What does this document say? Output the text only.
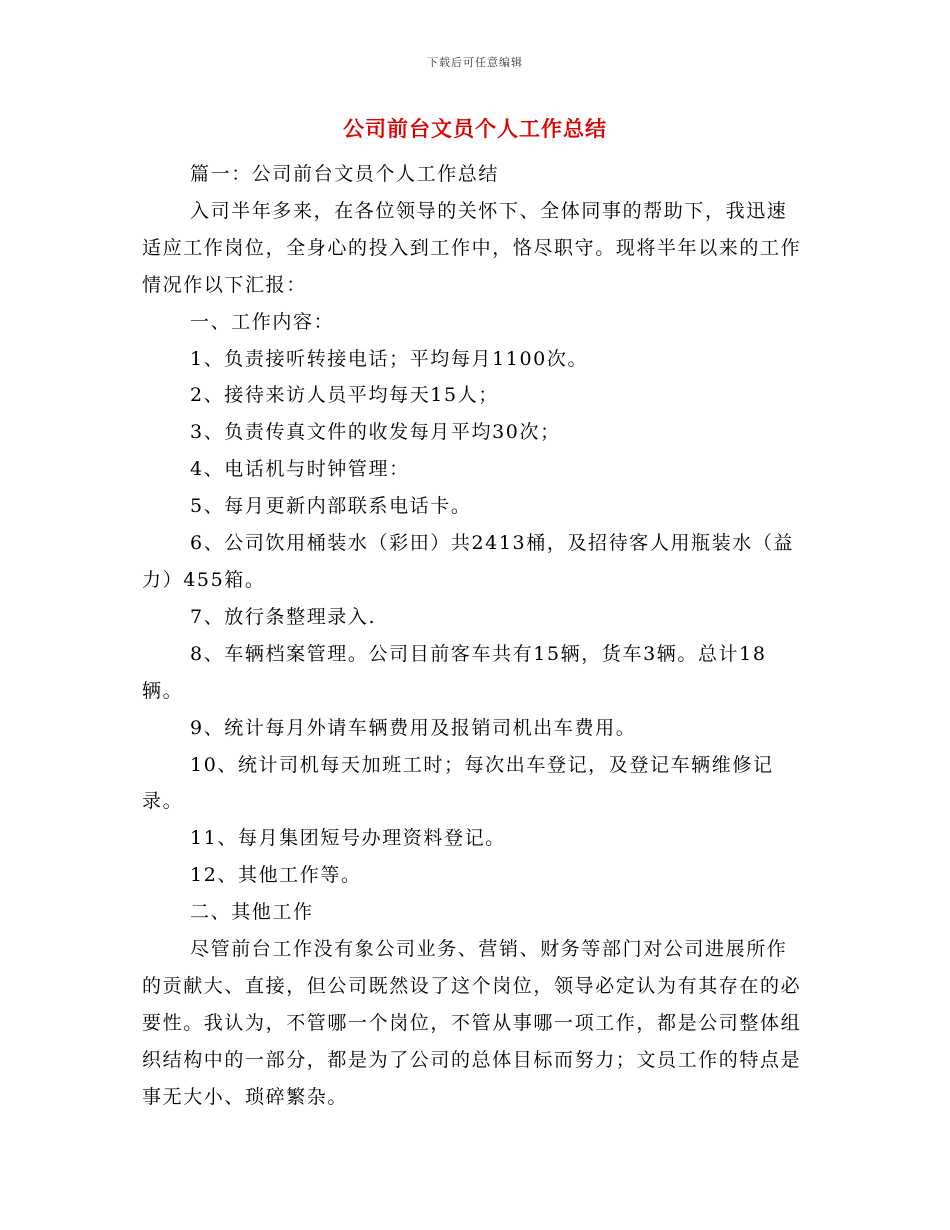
下载后可任意编辑
公司前台文员个人工作总结

篇一：公司前台文员个人工作总结

入司半年多来，在各位领导的关怀下、全体同事的帮助下，我迅速适应工作岗位，全身心的投入到工作中，恪尽职守。现将半年以来的工作情况作以下汇报：

一、工作内容：

1、负责接听转接电话；平均每月1100次。

2、接待来访人员平均每天15人；

3、负责传真文件的收发每月平均30次；

4、电话机与时钟管理：

5、每月更新内部联系电话卡。

6、公司饮用桶装水（彩田）共2413桶，及招待客人用瓶装水（益力）455箱。

7、放行条整理录入.

8、车辆档案管理。公司目前客车共有15辆，货车3辆。总计18辆。

9、统计每月外请车辆费用及报销司机出车费用。

10、统计司机每天加班工时；每次出车登记，及登记车辆维修记录。

11、每月集团短号办理资料登记。

12、其他工作等。

二、其他工作

尽管前台工作没有象公司业务、营销、财务等部门对公司进展所作的贡献大、直接，但公司既然设了这个岗位，领导必定认为有其存在的必要性。我认为，不管哪一个岗位，不管从事哪一项工作，都是公司整体组织结构中的一部分，都是为了公司的总体目标而努力；文员工作的特点是事无大小、琐碎繁杂。
